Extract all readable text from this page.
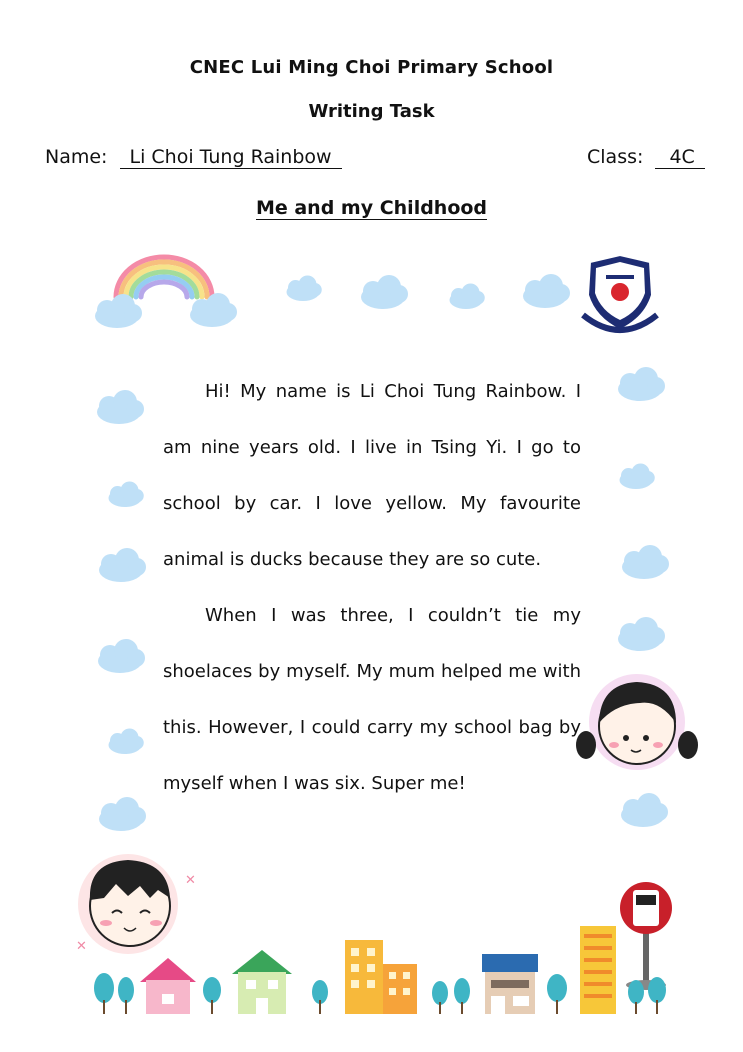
CNEC Lui Ming Choi Primary School
Writing Task
Name: Li Choi Tung Rainbow	Class: 4C
Me and my Childhood
✕
✕

Hi! My name is Li Choi Tung Rainbow. I am nine years old. I live in Tsing Yi. I go to school by car. I love yellow. My favourite animal is ducks because they are so cute.

When I was three, I couldn’t tie my shoelaces by myself. My mum helped me with this. However, I could carry my school bag by myself when I was six. Super me!
